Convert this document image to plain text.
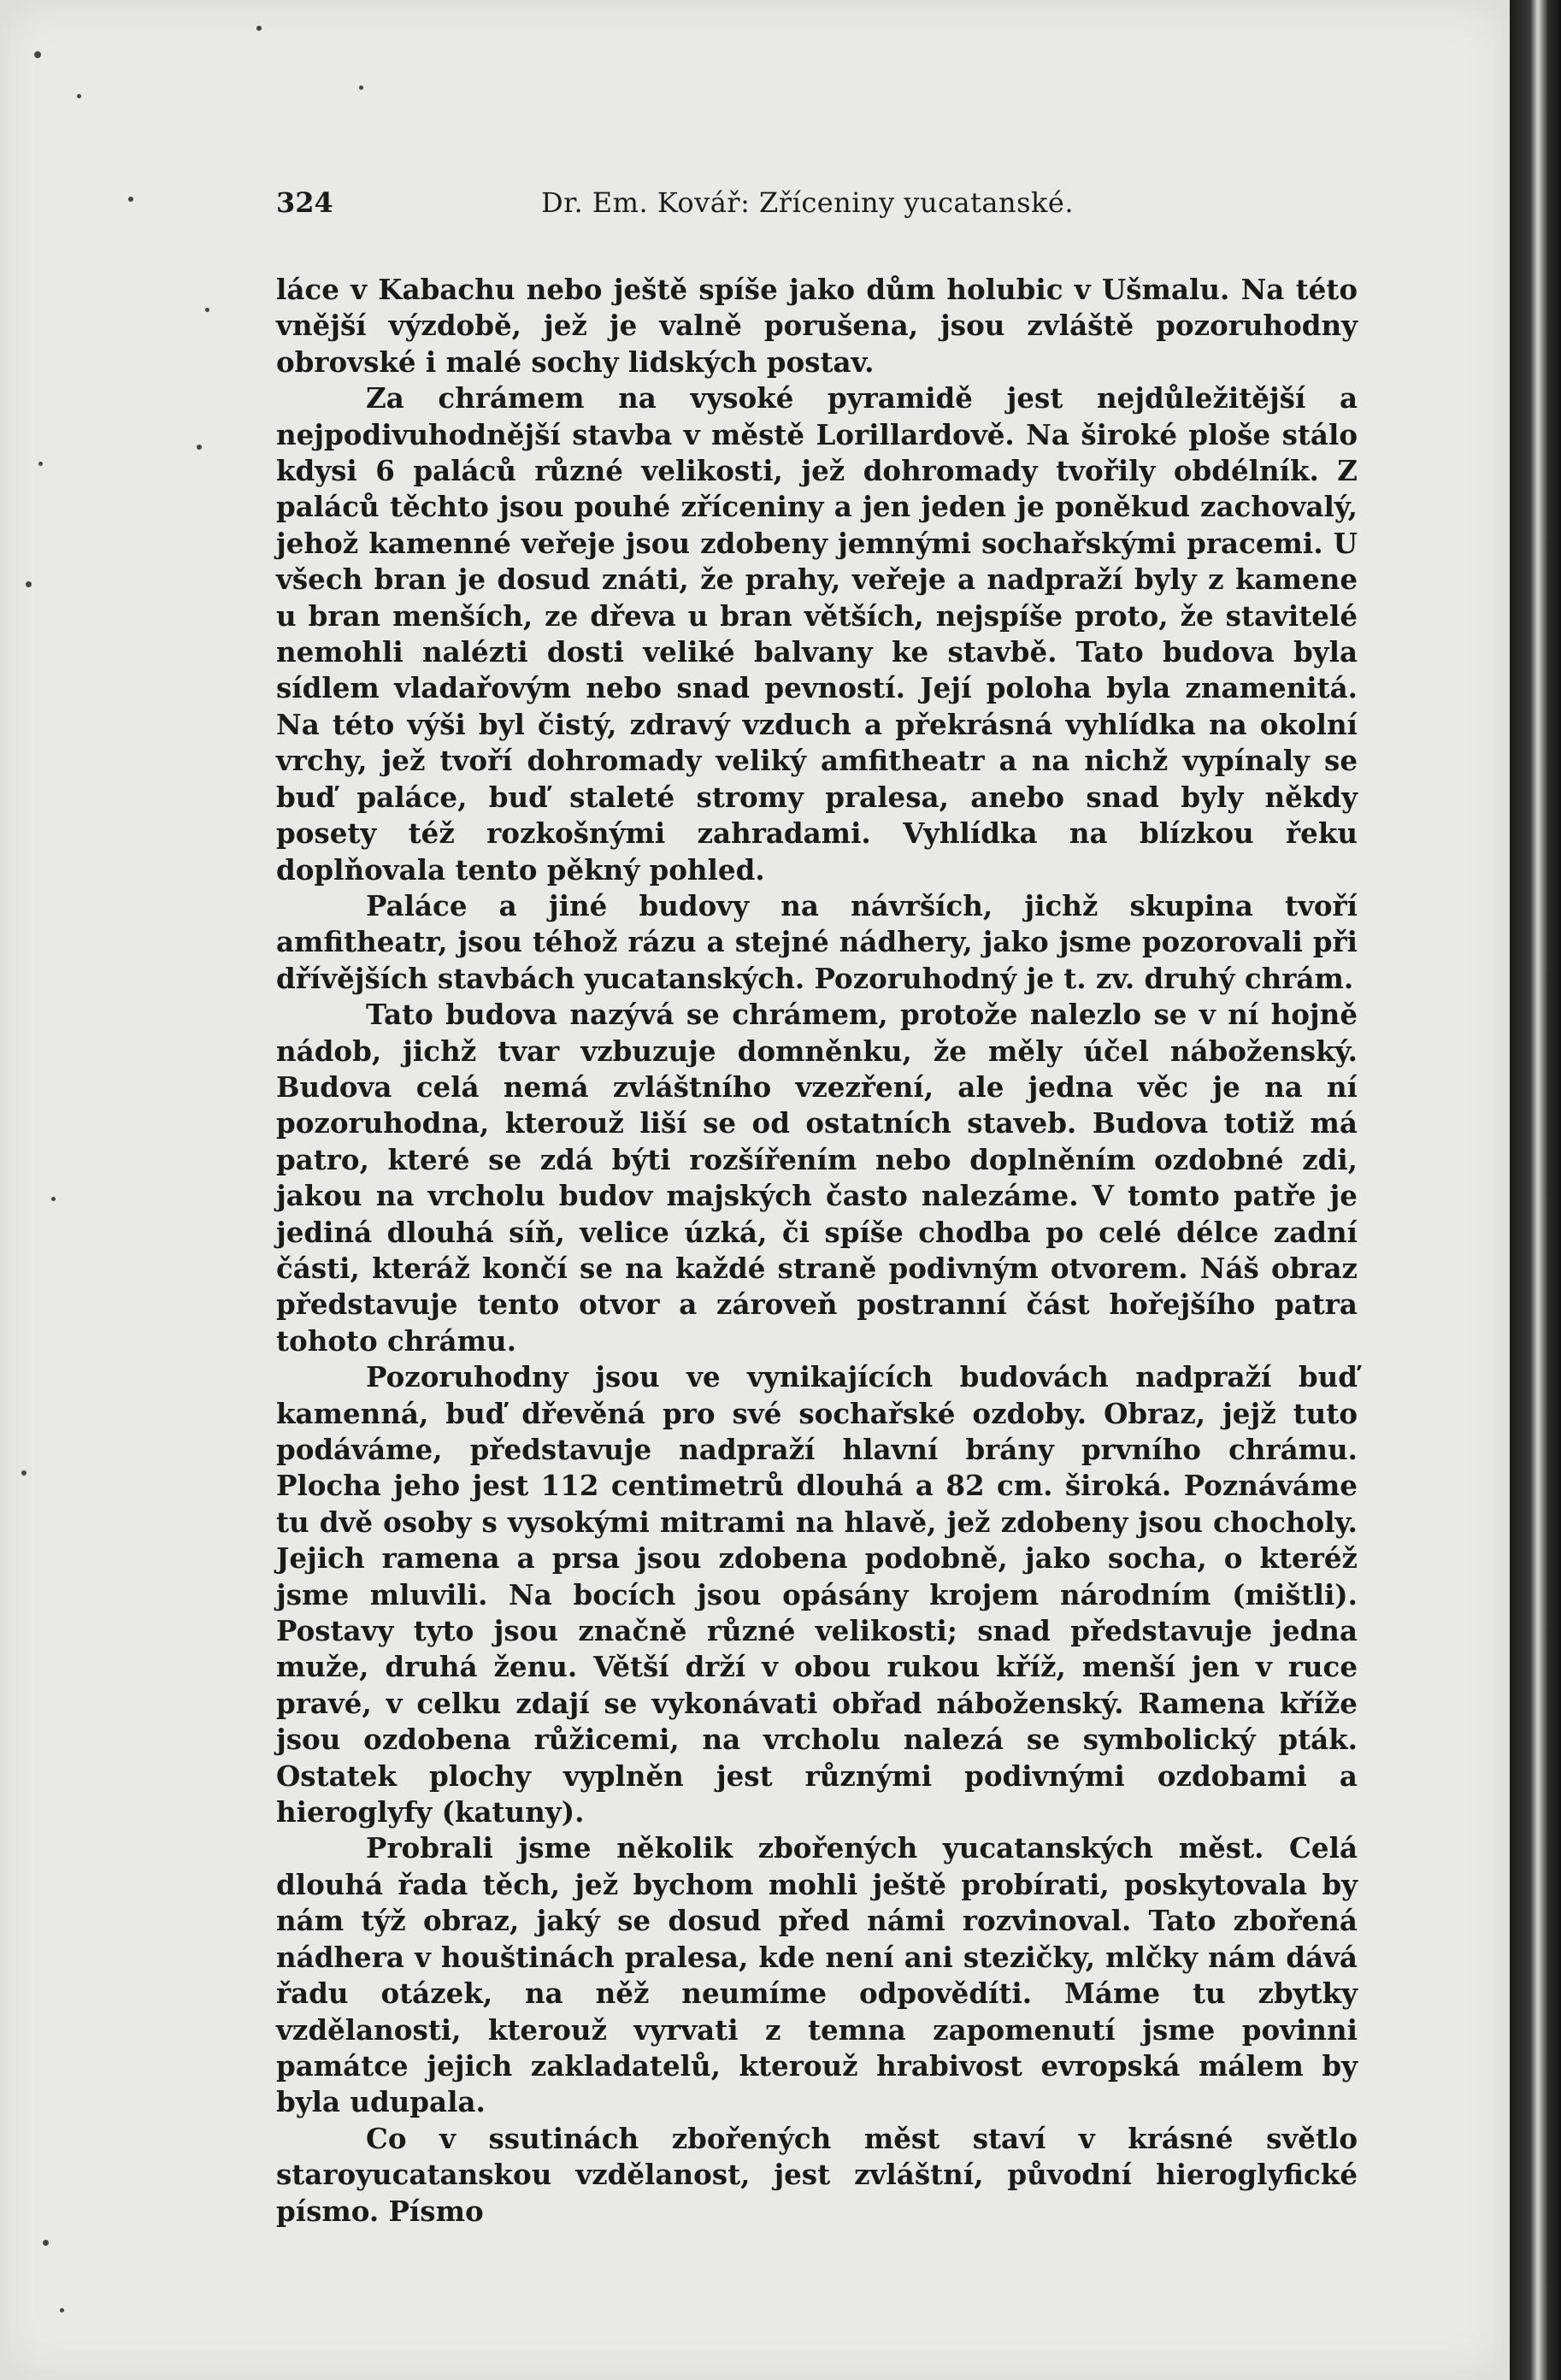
324	Dr. Em. Kovář: Zříceniny yucatanské.

láce v Kabachu nebo ještě spíše jako dům holubic v Ušmalu. Na této vnější výzdobě, jež je valně porušena, jsou zvláště pozoruhodny obrovské i malé sochy lidských postav.

Za chrámem na vysoké pyramidě jest nejdůležitější a nejpodivuhodnější stavba v městě Lorillardově. Na široké ploše stálo kdysi 6 paláců různé velikosti, jež dohromady tvořily obdélník. Z paláců těchto jsou pouhé zříceniny a jen jeden je poněkud zachovalý, jehož kamenné veřeje jsou zdobeny jemnými sochařskými pracemi. U všech bran je dosud znáti, že prahy, veřeje a nadpraží byly z kamene u bran menších, ze dřeva u bran větších, nejspíše proto, že stavitelé nemohli nalézti dosti veliké balvany ke stavbě. Tato budova byla sídlem vladařovým nebo snad pevností. Její poloha byla znamenitá. Na této výši byl čistý, zdravý vzduch a překrásná vyhlídka na okolní vrchy, jež tvoří dohromady veliký amfitheatr a na nichž vypínaly se buď paláce, buď staleté stromy pralesa, anebo snad byly někdy posety též rozkošnými zahradami. Vyhlídka na blízkou řeku doplňovala tento pěkný pohled.

Paláce a jiné budovy na návrších, jichž skupina tvoří amfitheatr, jsou téhož rázu a stejné nádhery, jako jsme pozorovali při dřívějších stavbách yucatanských. Pozoruhodný je t. zv. druhý chrám.

Tato budova nazývá se chrámem, protože nalezlo se v ní hojně nádob, jichž tvar vzbuzuje domněnku, že měly účel náboženský. Budova celá nemá zvláštního vzezření, ale jedna věc je na ní pozoruhodna, kterouž liší se od ostatních staveb. Budova totiž má patro, které se zdá býti rozšířením nebo doplněním ozdobné zdi, jakou na vrcholu budov majských často nalezáme. V tomto patře je jediná dlouhá síň, velice úzká, či spíše chodba po celé délce zadní části, kteráž končí se na každé straně podivným otvorem. Náš obraz představuje tento otvor a zároveň postranní část hořejšího patra tohoto chrámu.

Pozoruhodny jsou ve vynikajících budovách nadpraží buď kamenná, buď dřevěná pro své sochařské ozdoby. Obraz, jejž tuto podáváme, představuje nadpraží hlavní brány prvního chrámu. Plocha jeho jest 112 centimetrů dlouhá a 82 cm. široká. Poznáváme tu dvě osoby s vysokými mitrami na hlavě, jež zdobeny jsou chocholy. Jejich ramena a prsa jsou zdobena podobně, jako socha, o kteréž jsme mluvili. Na bocích jsou opásány krojem národním (mištli). Postavy tyto jsou značně různé velikosti; snad představuje jedna muže, druhá ženu. Větší drží v obou rukou kříž, menší jen v ruce pravé, v celku zdají se vykonávati obřad náboženský. Ramena kříže jsou ozdobena růžicemi, na vrcholu nalezá se symbolický pták. Ostatek plochy vyplněn jest různými podivnými ozdobami a hieroglyfy (katuny).

Probrali jsme několik zbořených yucatanských měst. Celá dlouhá řada těch, jež bychom mohli ještě probírati, poskytovala by nám týž obraz, jaký se dosud před námi rozvinoval. Tato zbořená nádhera v houštinách pralesa, kde není ani stezičky, mlčky nám dává řadu otázek, na něž neumíme odpovědíti. Máme tu zbytky vzdělanosti, kterouž vyrvati z temna zapomenutí jsme povinni památce jejich zakladatelů, kterouž hrabivost evropská málem by byla udupala.

Co v ssutinách zbořených měst staví v krásné světlo staroyucatanskou vzdělanost, jest zvláštní, původní hieroglyfické písmo. Písmo
